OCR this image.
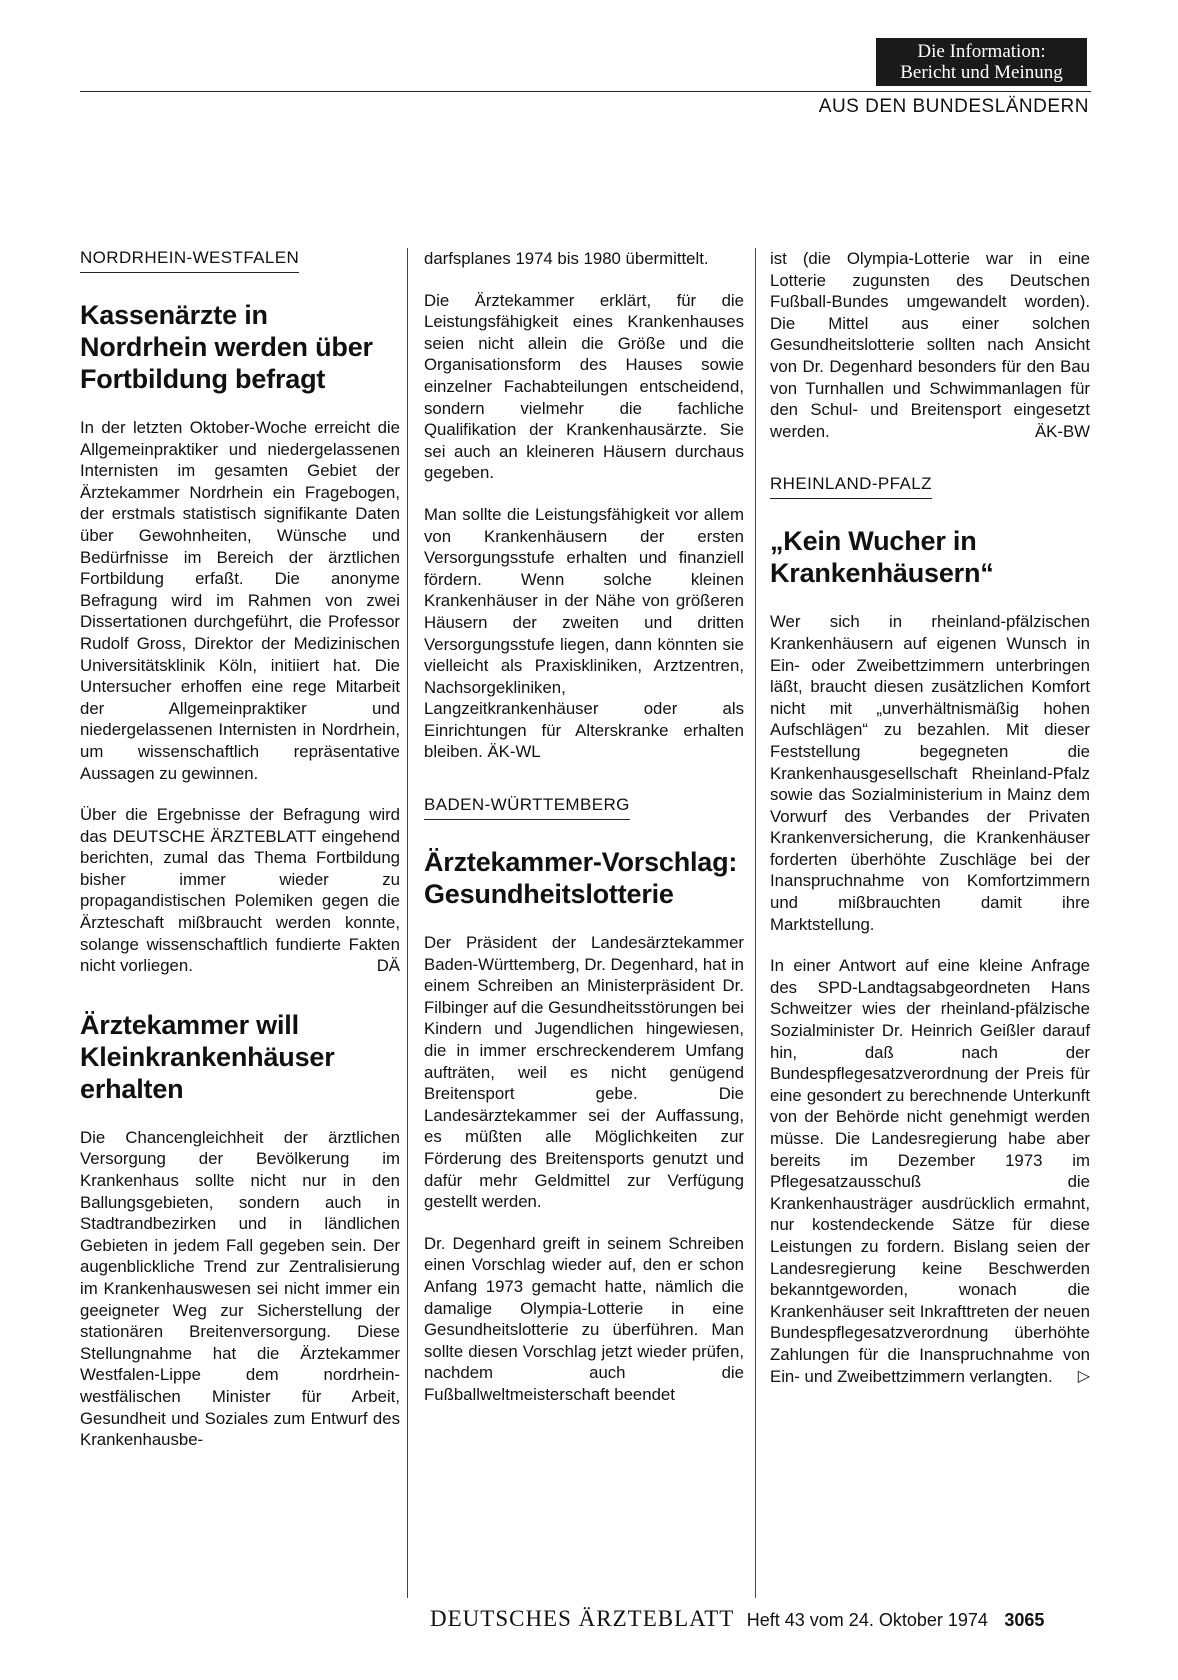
Die Information:
Bericht und Meinung
AUS DEN BUNDESLÄNDERN
NORDRHEIN-WESTFALEN
Kassenärzte in Nordrhein werden über Fortbildung befragt

In der letzten Oktober-Woche erreicht die Allgemeinpraktiker und niedergelassenen Internisten im gesamten Gebiet der Ärztekammer Nordrhein ein Fragebogen, der erstmals statistisch signifikante Daten über Gewohnheiten, Wünsche und Bedürfnisse im Bereich der ärztlichen Fortbildung erfaßt. Die anonyme Befragung wird im Rahmen von zwei Dissertationen durchgeführt, die Professor Rudolf Gross, Direktor der Medizinischen Universitätsklinik Köln, initiiert hat. Die Untersucher erhoffen eine rege Mitarbeit der Allgemeinpraktiker und niedergelassenen Internisten in Nordrhein, um wissenschaftlich repräsentative Aussagen zu gewinnen.

Über die Ergebnisse der Befragung wird das DEUTSCHE ÄRZTEBLATT eingehend berichten, zumal das Thema Fortbildung bisher immer wieder zu propagandistischen Polemiken gegen die Ärzteschaft mißbraucht werden konnte, solange wissenschaftlich fundierte Fakten nicht vorliegen.	DÄ

Ärztekammer will Kleinkrankenhäuser erhalten

Die Chancengleichheit der ärztlichen Versorgung der Bevölkerung im Krankenhaus sollte nicht nur in den Ballungsgebieten, sondern auch in Stadtrandbezirken und in ländlichen Gebieten in jedem Fall gegeben sein. Der augenblickliche Trend zur Zentralisierung im Krankenhauswesen sei nicht immer ein geeigneter Weg zur Sicherstellung der stationären Breitenversorgung. Diese Stellungnahme hat die Ärztekammer Westfalen-Lippe dem nordrhein-westfälischen Minister für Arbeit, Gesundheit und Soziales zum Entwurf des Krankenhausbe-

darfsplanes 1974 bis 1980 übermittelt.

Die Ärztekammer erklärt, für die Leistungsfähigkeit eines Krankenhauses seien nicht allein die Größe und die Organisationsform des Hauses sowie einzelner Fachabteilungen entscheidend, sondern vielmehr die fachliche Qualifikation der Krankenhausärzte. Sie sei auch an kleineren Häusern durchaus gegeben.

Man sollte die Leistungsfähigkeit vor allem von Krankenhäusern der ersten Versorgungsstufe erhalten und finanziell fördern. Wenn solche kleinen Krankenhäuser in der Nähe von größeren Häusern der zweiten und dritten Versorgungsstufe liegen, dann könnten sie vielleicht als Praxiskliniken, Arztzentren, Nachsorgekliniken, Langzeitkrankenhäuser oder als Einrichtungen für Alterskranke erhalten bleiben. ÄK-WL

BADEN-WÜRTTEMBERG
Ärztekammer-Vorschlag: Gesundheitslotterie

Der Präsident der Landesärztekammer Baden-Württemberg, Dr. Degenhard, hat in einem Schreiben an Ministerpräsident Dr. Filbinger auf die Gesundheitsstörungen bei Kindern und Jugendlichen hingewiesen, die in immer erschreckenderem Umfang aufträten, weil es nicht genügend Breitensport gebe. Die Landesärztekammer sei der Auffassung, es müßten alle Möglichkeiten zur Förderung des Breitensports genutzt und dafür mehr Geldmittel zur Verfügung gestellt werden.

Dr. Degenhard greift in seinem Schreiben einen Vorschlag wieder auf, den er schon Anfang 1973 gemacht hatte, nämlich die damalige Olympia-Lotterie in eine Gesundheitslotterie zu überführen. Man sollte diesen Vorschlag jetzt wieder prüfen, nachdem auch die Fußballweltmeisterschaft beendet

ist (die Olympia-Lotterie war in eine Lotterie zugunsten des Deutschen Fußball-Bundes umgewandelt worden). Die Mittel aus einer solchen Gesundheitslotterie sollten nach Ansicht von Dr. Degenhard besonders für den Bau von Turnhallen und Schwimmanlagen für den Schul- und Breitensport eingesetzt werden.	ÄK-BW

RHEINLAND-PFALZ
„Kein Wucher in Krankenhäusern“

Wer sich in rheinland-pfälzischen Krankenhäusern auf eigenen Wunsch in Ein- oder Zweibettzimmern unterbringen läßt, braucht diesen zusätzlichen Komfort nicht mit „unverhältnismäßig hohen Aufschlägen“ zu bezahlen. Mit dieser Feststellung begegneten die Krankenhausgesellschaft Rheinland-Pfalz sowie das Sozialministerium in Mainz dem Vorwurf des Verbandes der Privaten Krankenversicherung, die Krankenhäuser forderten überhöhte Zuschläge bei der Inanspruchnahme von Komfortzimmern und mißbrauchten damit ihre Marktstellung.

In einer Antwort auf eine kleine Anfrage des SPD-Landtagsabgeordneten Hans Schweitzer wies der rheinland-pfälzische Sozialminister Dr. Heinrich Geißler darauf hin, daß nach der Bundespflegesatzverordnung der Preis für eine gesondert zu berechnende Unterkunft von der Behörde nicht genehmigt werden müsse. Die Landesregierung habe aber bereits im Dezember 1973 im Pflegesatzausschuß die Krankenhausträger ausdrücklich ermahnt, nur kostendeckende Sätze für diese Leistungen zu fordern. Bislang seien der Landesregierung keine Beschwerden bekanntgeworden, wonach die Krankenhäuser seit Inkrafttreten der neuen Bundespflegesatzverordnung überhöhte Zahlungen für die Inanspruchnahme von Ein- und Zweibettzimmern verlangten. ▷

DEUTSCHES ÄRZTEBLATT Heft 43 vom 24. Oktober 1974 3065
